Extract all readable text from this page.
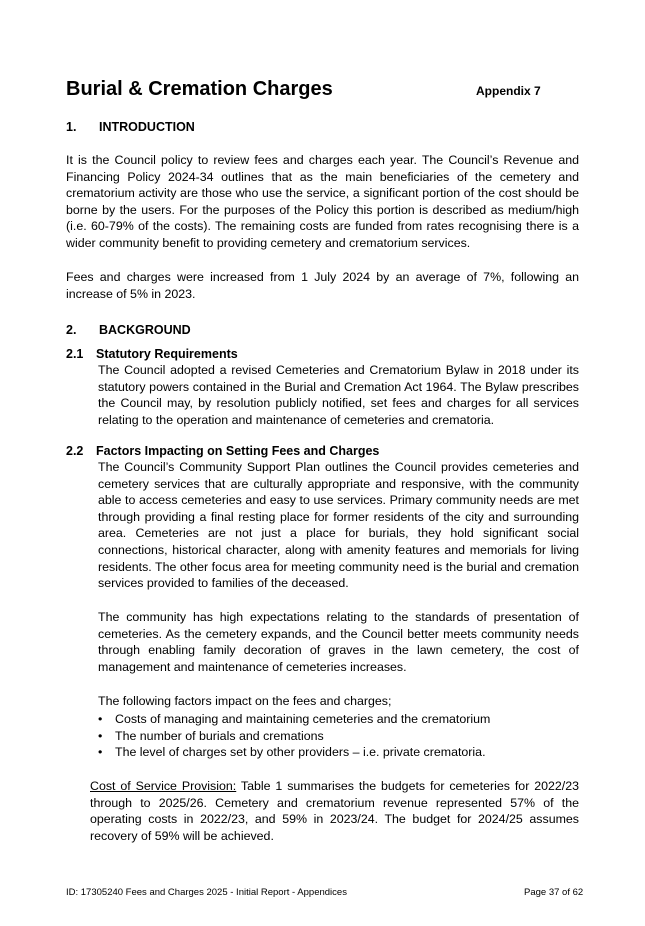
Burial & Cremation Charges	Appendix 7
1. INTRODUCTION
It is the Council policy to review fees and charges each year. The Council’s Revenue and Financing Policy 2024-34 outlines that as the main beneficiaries of the cemetery and crematorium activity are those who use the service, a significant portion of the cost should be borne by the users. For the purposes of the Policy this portion is described as medium/high (i.e. 60-79% of the costs). The remaining costs are funded from rates recognising there is a wider community benefit to providing cemetery and crematorium services.
Fees and charges were increased from 1 July 2024 by an average of 7%, following an increase of 5% in 2023.
2. BACKGROUND
2.1 Statutory Requirements
The Council adopted a revised Cemeteries and Crematorium Bylaw in 2018 under its statutory powers contained in the Burial and Cremation Act 1964. The Bylaw prescribes the Council may, by resolution publicly notified, set fees and charges for all services relating to the operation and maintenance of cemeteries and crematoria.
2.2 Factors Impacting on Setting Fees and Charges
The Council’s Community Support Plan outlines the Council provides cemeteries and cemetery services that are culturally appropriate and responsive, with the community able to access cemeteries and easy to use services. Primary community needs are met through providing a final resting place for former residents of the city and surrounding area. Cemeteries are not just a place for burials, they hold significant social connections, historical character, along with amenity features and memorials for living residents. The other focus area for meeting community need is the burial and cremation services provided to families of the deceased.
The community has high expectations relating to the standards of presentation of cemeteries. As the cemetery expands, and the Council better meets community needs through enabling family decoration of graves in the lawn cemetery, the cost of management and maintenance of cemeteries increases.
The following factors impact on the fees and charges;
• Costs of managing and maintaining cemeteries and the crematorium
• The number of burials and cremations
• The level of charges set by other providers – i.e. private crematoria.
Cost of Service Provision: Table 1 summarises the budgets for cemeteries for 2022/23 through to 2025/26. Cemetery and crematorium revenue represented 57% of the operating costs in 2022/23, and 59% in 2023/24. The budget for 2024/25 assumes recovery of 59% will be achieved.
ID: 17305240 Fees and Charges 2025 - Initial Report - Appendices	Page 37 of 62
